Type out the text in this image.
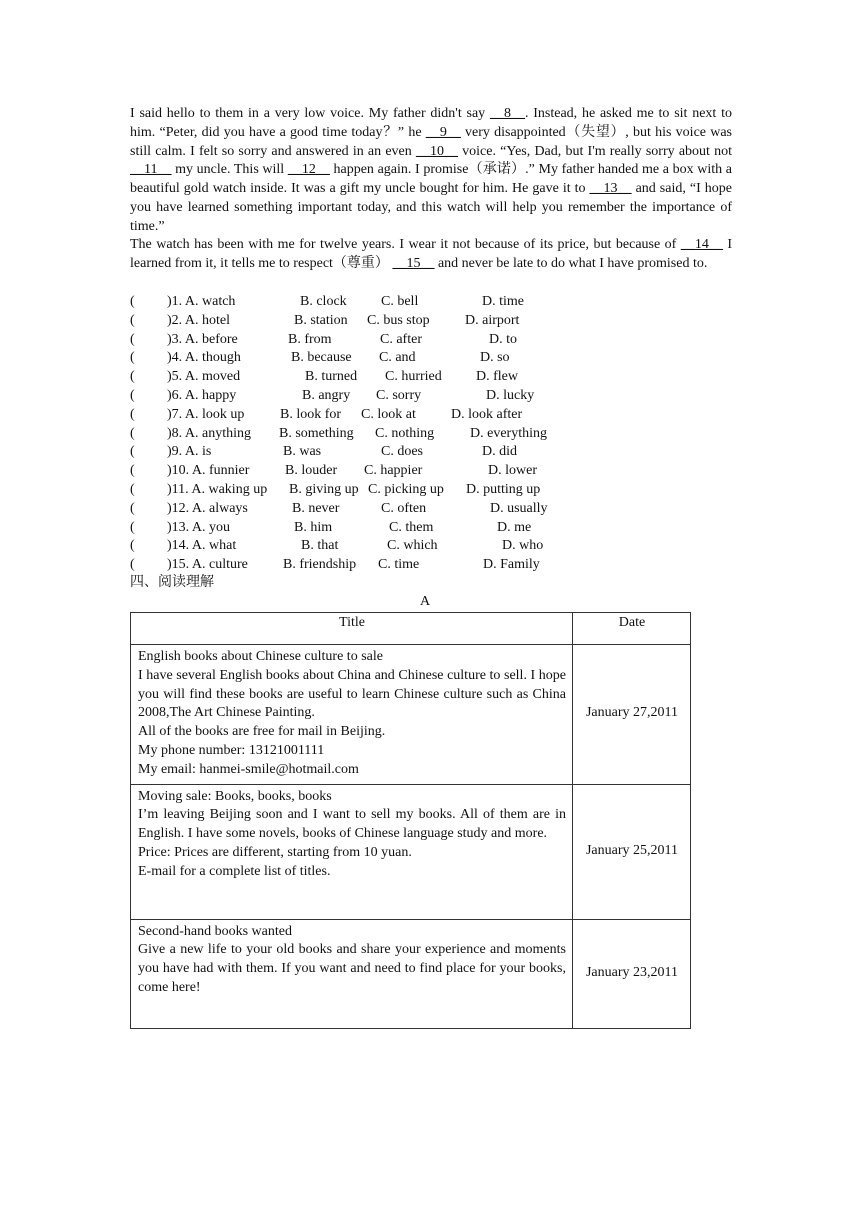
I said hello to them in a very low voice. My father didn't say __8__. Instead, he asked me to sit next to him. “Peter, did you have a good time today？” he __9__ very disappointed（失望）, but his voice was still calm. I felt so sorry and answered in an even __10__ voice. “Yes, Dad, but I'm really sorry about not __11__ my uncle. This will __12__ happen again. I promise（承诺）.” My father handed me a box with a beautiful gold watch inside. It was a gift my uncle bought for him. He gave it to __13__ and said, “I hope you have learned something important today, and this watch will help you remember the importance of time.”
The watch has been with me for twelve years. I wear it not because of its price, but because of __14__ I learned from it, it tells me to respect（尊重） __15__ and never be late to do what I have promised to.
( )1. A. watch	B. clock C. bell	D. time
( )2. A. hotel	B. station C. bus stop	D. airport
( )3. A. before	B. from	C. after	D. to
( )4. A. though	B. because C. and	D. so
( )5. A. moved	B. turned C. hurried D. flew
( )6. A. happy	B. angry C. sorry	D. lucky
( )7. A. look up	B. look for C. look at	D. look after
( )8. A. anything B. something C. nothing	D. everything
( )9. A. is	B. was	C. does	D. did
( )10. A. funnier	B. louder C. happier	D. lower
( )11. A. waking up B. giving up C. picking up D. putting up
( )12. A. always	B. never	C. often	D. usually
( )13. A. you	B. him	C. them	D. me
( )14. A. what	B. that	C. which	D. who
( )15. A. culture	B. friendship C. time	D. Family
四、阅读理解
A
Title	Date

English books about Chinese culture to sale
I have several English books about China and Chinese culture to sell. I hope you will find these books are useful to learn Chinese culture such as China 2008,The Art Chinese Painting.
All of the books are free for mail in Beijing.
My phone number: 13121001111
My email: hanmei-smile@hotmail.com	January 27,2011

Moving sale: Books, books, books
I’m leaving Beijing soon and I want to sell my books. All of them are in English. I have some novels, books of Chinese language study and more.
Price: Prices are different, starting from 10 yuan.
E-mail for a complete list of titles.	January 25,2011

Second-hand books wanted
Give a new life to your old books and share your experience and moments you have had with them. If you want and need to find place for your books, come here!	January 23,2011
